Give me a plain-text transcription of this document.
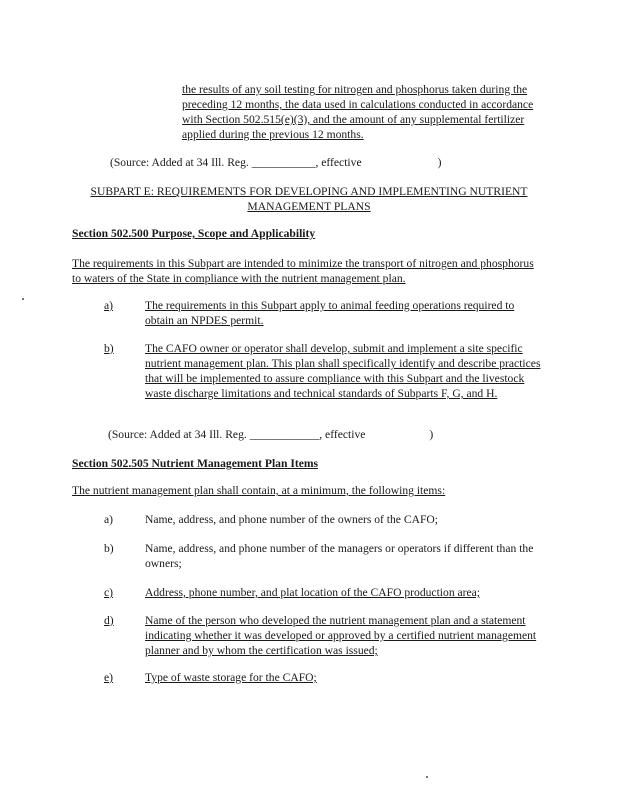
the results of any soil testing for nitrogen and phosphorus taken during the preceding 12 months, the data used in calculations conducted in accordance with Section 502.515(e)(3), and the amount of any supplemental fertilizer applied during the previous 12 months.
(Source: Added at 34 Ill. Reg. ___________, effective	)
SUBPART E: REQUIREMENTS FOR DEVELOPING AND IMPLEMENTING NUTRIENT MANAGEMENT PLANS
Section 502.500 Purpose, Scope and Applicability
The requirements in this Subpart are intended to minimize the transport of nitrogen and phosphorus to waters of the State in compliance with the nutrient management plan.
a)	The requirements in this Subpart apply to animal feeding operations required to obtain an NPDES permit.
b)	The CAFO owner or operator shall develop, submit and implement a site specific nutrient management plan. This plan shall specifically identify and describe practices that will be implemented to assure compliance with this Subpart and the livestock waste discharge limitations and technical standards of Subparts F, G, and H.
(Source: Added at 34 Ill. Reg. ____________, effective	)
Section 502.505 Nutrient Management Plan Items
The nutrient management plan shall contain, at a minimum, the following items:
a)	Name, address, and phone number of the owners of the CAFO;
b)	Name, address, and phone number of the managers or operators if different than the owners;
c)	Address, phone number, and plat location of the CAFO production area;
d)	Name of the person who developed the nutrient management plan and a statement indicating whether it was developed or approved by a certified nutrient management planner and by whom the certification was issued;
e)	Type of waste storage for the CAFO;
